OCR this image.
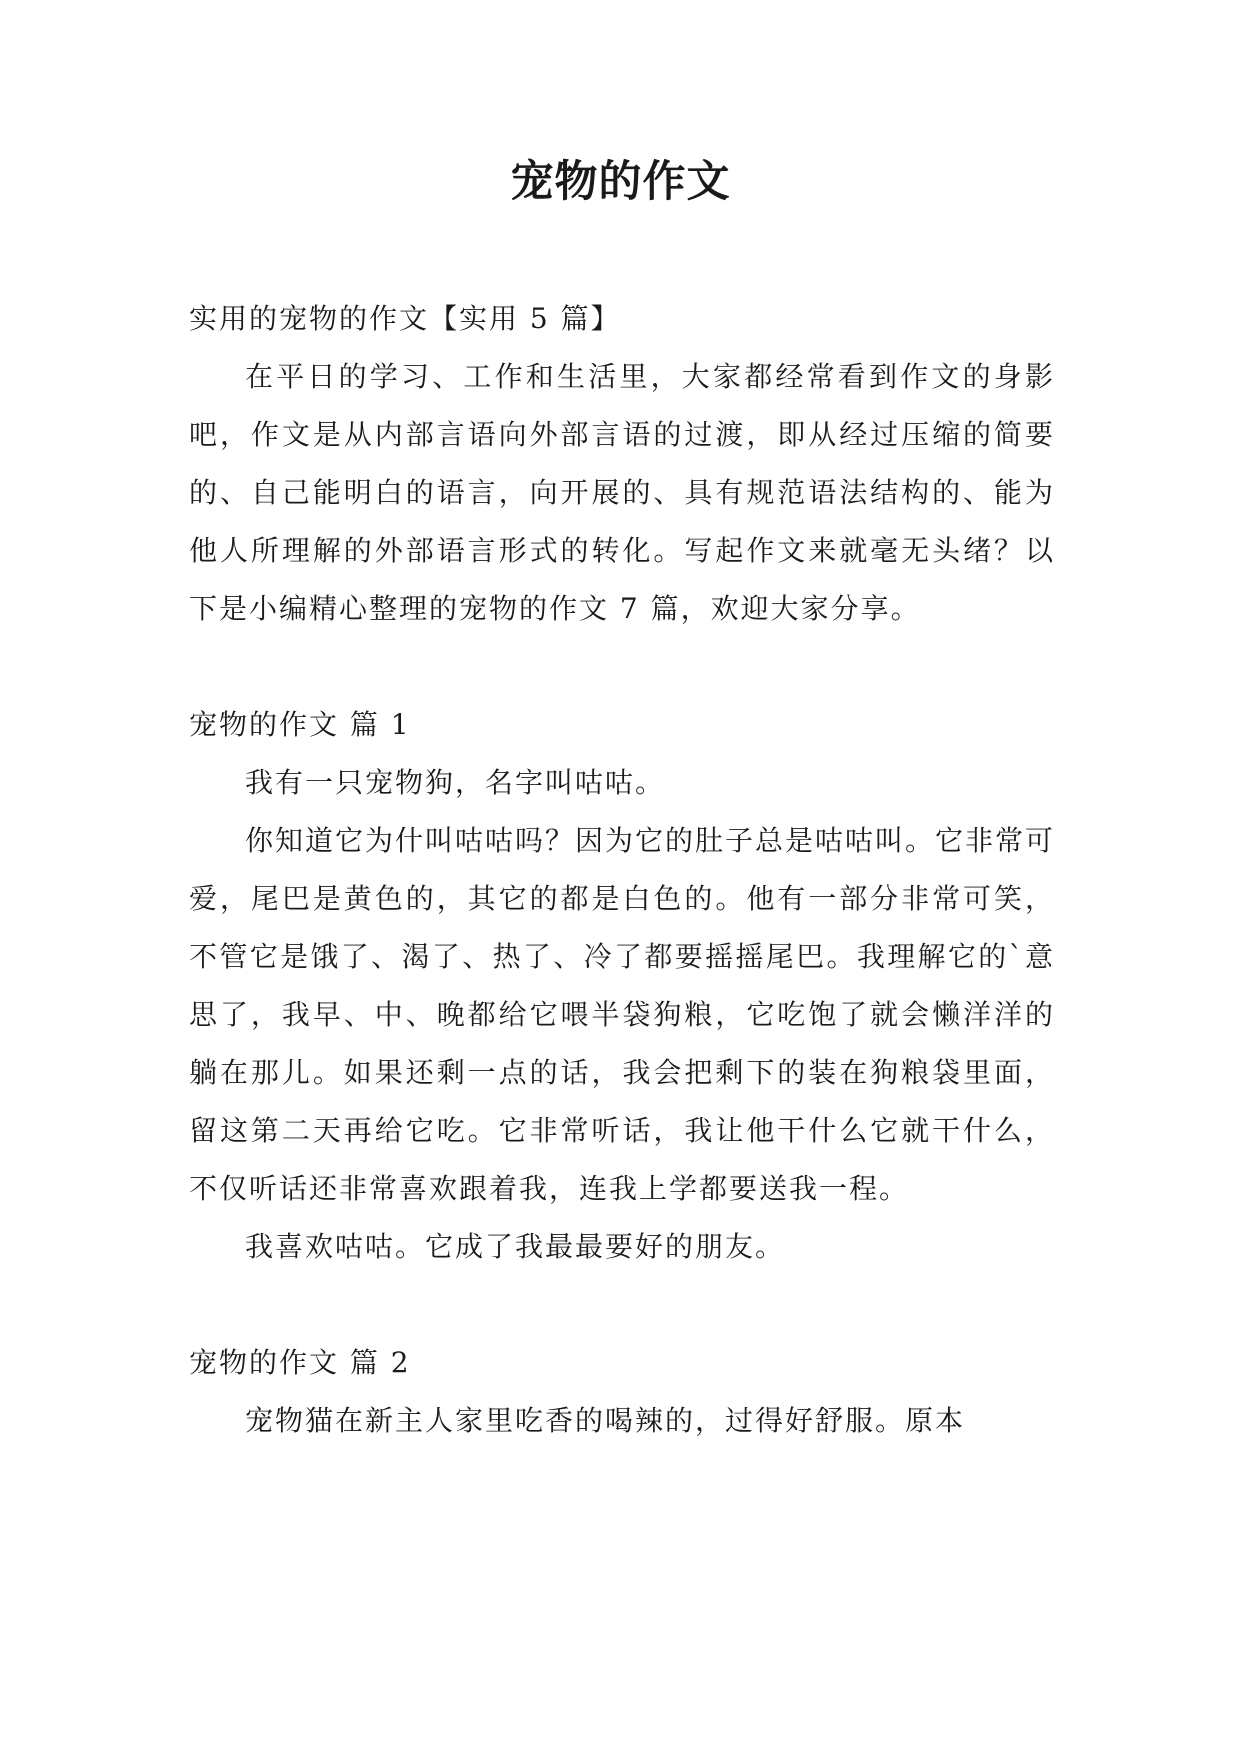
宠物的作文

实用的宠物的作文【实用 5 篇】

在平日的学习、工作和生活里，大家都经常看到作文的身影吧，作文是从内部言语向外部言语的过渡，即从经过压缩的简要的、自己能明白的语言，向开展的、具有规范语法结构的、能为他人所理解的外部语言形式的转化。写起作文来就毫无头绪？以下是小编精心整理的宠物的作文 7 篇，欢迎大家分享。

宠物的作文 篇 1

我有一只宠物狗，名字叫咕咕。

你知道它为什叫咕咕吗？因为它的肚子总是咕咕叫。它非常可爱，尾巴是黄色的，其它的都是白色的。他有一部分非常可笑，不管它是饿了、渴了、热了、冷了都要摇摇尾巴。我理解它的`意思了，我早、中、晚都给它喂半袋狗粮，它吃饱了就会懒洋洋的躺在那儿。如果还剩一点的话，我会把剩下的装在狗粮袋里面，留这第二天再给它吃。它非常听话，我让他干什么它就干什么，不仅听话还非常喜欢跟着我，连我上学都要送我一程。

我喜欢咕咕。它成了我最最要好的朋友。

宠物的作文 篇 2

宠物猫在新主人家里吃香的喝辣的，过得好舒服。原本
